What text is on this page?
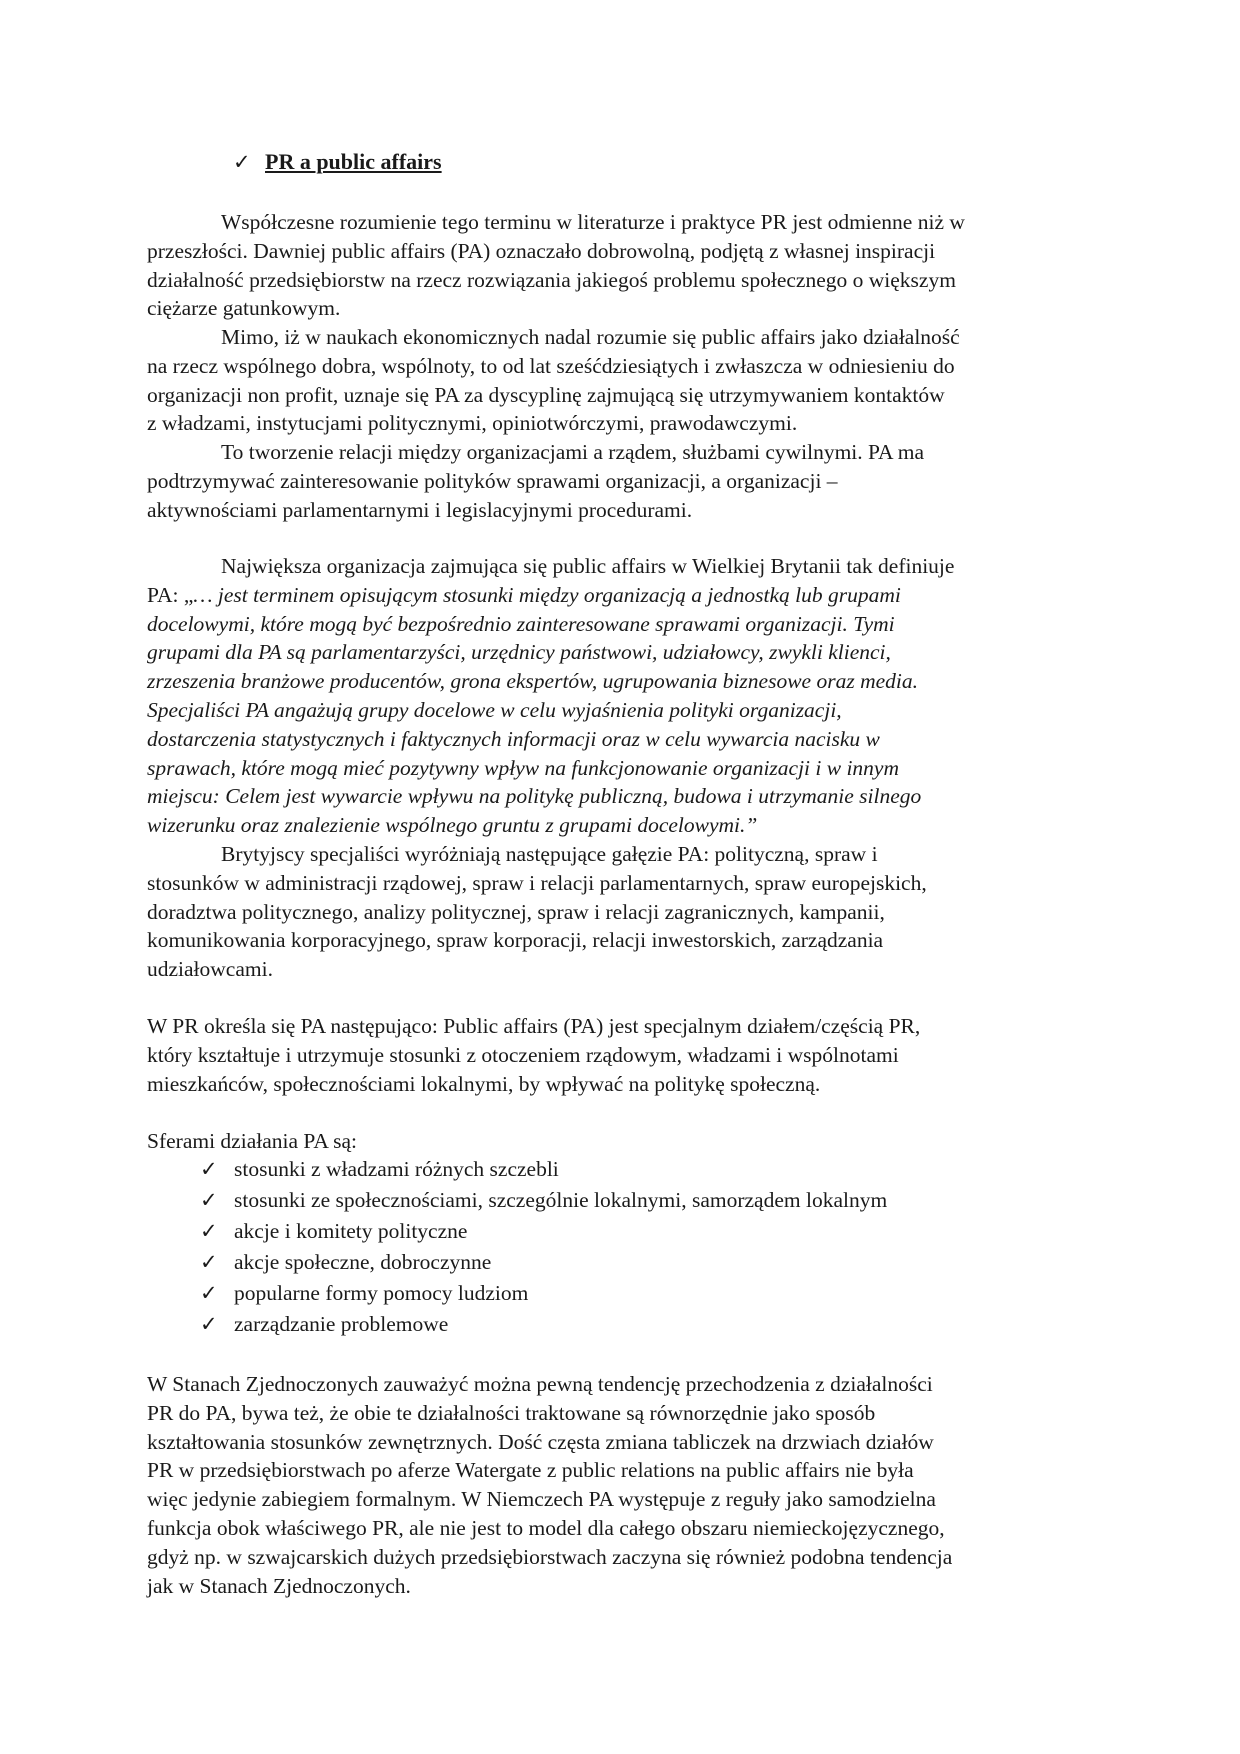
✓ PR a public affairs
Współczesne rozumienie tego terminu w literaturze i praktyce PR jest odmienne niż w
przeszłości. Dawniej public affairs (PA) oznaczało dobrowolną, podjętą z własnej inspiracji
działalność przedsiębiorstw na rzecz rozwiązania jakiegoś problemu społecznego o większym
ciężarze gatunkowym.
Mimo, iż w naukach ekonomicznych nadal rozumie się public affairs jako działalność
na rzecz wspólnego dobra, wspólnoty, to od lat sześćdziesiątych i zwłaszcza w odniesieniu do
organizacji non profit, uznaje się PA za dyscyplinę zajmującą się utrzymywaniem kontaktów
z władzami, instytucjami politycznymi, opiniotwórczymi, prawodawczymi.
To tworzenie relacji między organizacjami a rządem, służbami cywilnymi. PA ma
podtrzymywać zainteresowanie polityków sprawami organizacji, a organizacji –
aktywnościami parlamentarnymi i legislacyjnymi procedurami.
Największa organizacja zajmująca się public affairs w Wielkiej Brytanii tak definiuje
PA: „… jest terminem opisującym stosunki między organizacją a jednostką lub grupami
docelowymi, które mogą być bezpośrednio zainteresowane sprawami organizacji. Tymi
grupami dla PA są parlamentarzyści, urzędnicy państwowi, udziałowcy, zwykli klienci,
zrzeszenia branżowe producentów, grona ekspertów, ugrupowania biznesowe oraz media.
Specjaliści PA angażują grupy docelowe w celu wyjaśnienia polityki organizacji,
dostarczenia statystycznych i faktycznych informacji oraz w celu wywarcia nacisku w
sprawach, które mogą mieć pozytywny wpływ na funkcjonowanie organizacji i w innym
miejscu: Celem jest wywarcie wpływu na politykę publiczną, budowa i utrzymanie silnego
wizerunku oraz znalezienie wspólnego gruntu z grupami docelowymi.”
Brytyjscy specjaliści wyróżniają następujące gałęzie PA: polityczną, spraw i
stosunków w administracji rządowej, spraw i relacji parlamentarnych, spraw europejskich,
doradztwa politycznego, analizy politycznej, spraw i relacji zagranicznych, kampanii,
komunikowania korporacyjnego, spraw korporacji, relacji inwestorskich, zarządzania
udziałowcami.
W PR określa się PA następująco: Public affairs (PA) jest specjalnym działem/częścią PR,
który kształtuje i utrzymuje stosunki z otoczeniem rządowym, władzami i wspólnotami
mieszkańców, społecznościami lokalnymi, by wpływać na politykę społeczną.
Sferami działania PA są:
✓ stosunki z władzami różnych szczebli
✓ stosunki ze społecznościami, szczególnie lokalnymi, samorządem lokalnym
✓ akcje i komitety polityczne
✓ akcje społeczne, dobroczynne
✓ popularne formy pomocy ludziom
✓ zarządzanie problemowe
W Stanach Zjednoczonych zauważyć można pewną tendencję przechodzenia z działalności
PR do PA, bywa też, że obie te działalności traktowane są równorzędnie jako sposób
kształtowania stosunków zewnętrznych. Dość częsta zmiana tabliczek na drzwiach działów
PR w przedsiębiorstwach po aferze Watergate z public relations na public affairs nie była
więc jedynie zabiegiem formalnym. W Niemczech PA występuje z reguły jako samodzielna
funkcja obok właściwego PR, ale nie jest to model dla całego obszaru niemieckojęzycznego,
gdyż np. w szwajcarskich dużych przedsiębiorstwach zaczyna się również podobna tendencja
jak w Stanach Zjednoczonych.
